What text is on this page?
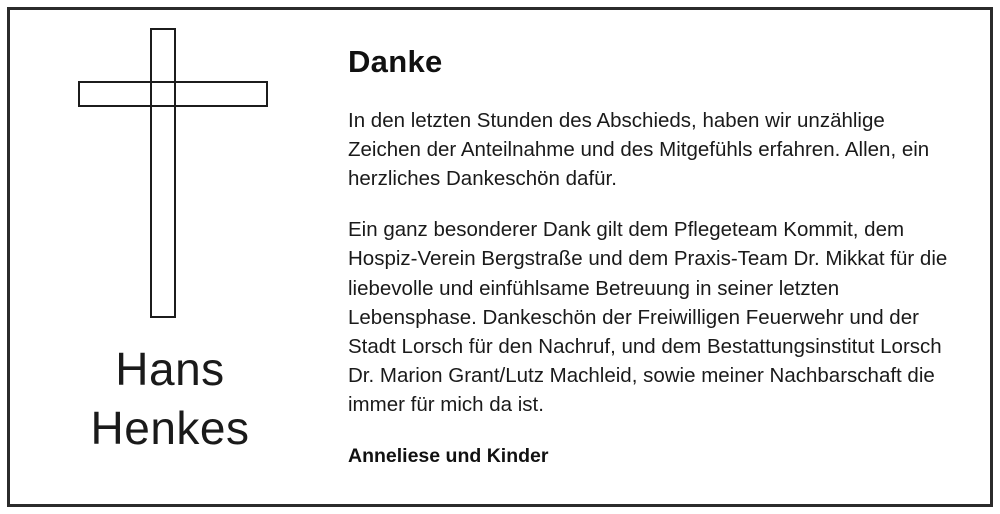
Hans
Henkes
Danke

In den letzten Stunden des Abschieds, haben wir unzählige Zeichen der Anteilnahme und des Mitgefühls erfahren. Allen, ein herzliches Dankeschön dafür.

Ein ganz besonderer Dank gilt dem Pflegeteam Kommit, dem Hospiz-Verein Bergstraße und dem Praxis-Team Dr. Mikkat für die liebevolle und einfühlsame Betreuung in seiner letzten Lebensphase. Dankeschön der Freiwilligen Feuerwehr und der Stadt Lorsch für den Nachruf, und dem Bestattungsinstitut Lorsch Dr. Marion Grant/Lutz Machleid, sowie meiner Nachbarschaft die immer für mich da ist.

Anneliese und Kinder
